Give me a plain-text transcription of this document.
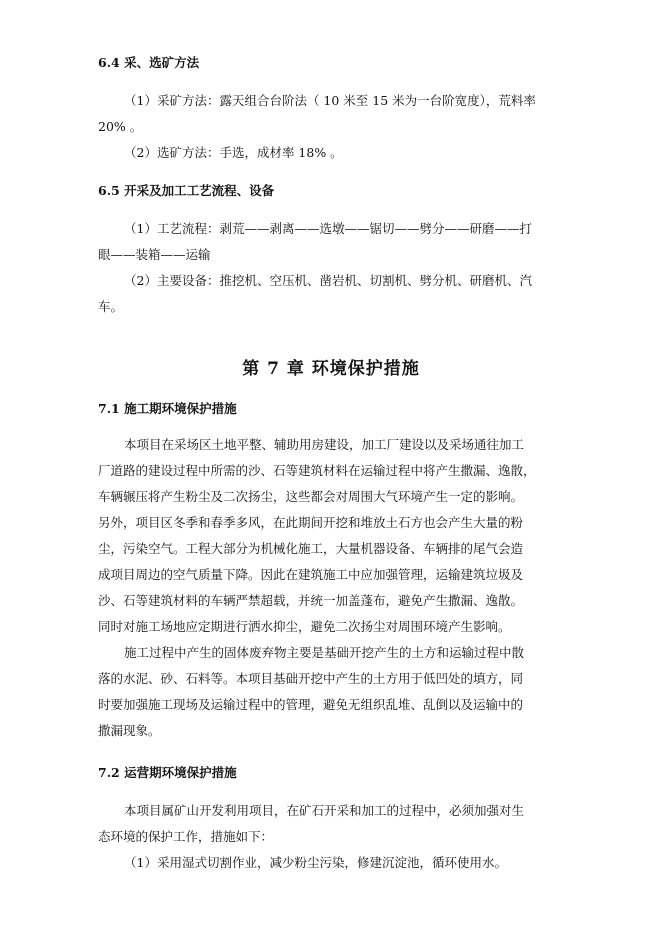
6.4 采、选矿方法
（1）采矿方法：露天组合台阶法（ 10 米至 15 米为一台阶宽度），荒料率
20% 。
（2）选矿方法：手选，成材率 18% 。
6.5 开采及加工工艺流程、设备
（1）工艺流程：剥荒——剥离——选墩——锯切——劈分——研磨——打
眼——装箱——运输
（2）主要设备：推挖机、空压机、凿岩机、切割机、劈分机、研磨机、汽
车。
第 7 章 环境保护措施
7.1 施工期环境保护措施
本项目在采场区土地平整、辅助用房建设，加工厂建设以及采场通往加工
厂道路的建设过程中所需的沙、石等建筑材料在运输过程中将产生撒漏、逸散，
车辆辗压将产生粉尘及二次扬尘，这些都会对周围大气环境产生一定的影响。
另外，项目区冬季和春季多风，在此期间开挖和堆放土石方也会产生大量的粉
尘，污染空气。工程大部分为机械化施工，大量机器设备、车辆排的尾气会造
成项目周边的空气质量下降。因此在建筑施工中应加强管理，运输建筑垃圾及
沙、石等建筑材料的车辆严禁超载，并统一加盖蓬布，避免产生撒漏、逸散。
同时对施工场地应定期进行洒水抑尘，避免二次扬尘对周围环境产生影响。
施工过程中产生的固体废弃物主要是基础开挖产生的土方和运输过程中散
落的水泥、砂、石料等。本项目基础开挖中产生的土方用于低凹处的填方，同
时要加强施工现场及运输过程中的管理，避免无组织乱堆、乱倒以及运输中的
撒漏现象。
7.2 运营期环境保护措施
本项目属矿山开发利用项目，在矿石开采和加工的过程中，必须加强对生
态环境的保护工作，措施如下：
（1）采用湿式切割作业，减少粉尘污染，修建沉淀池，循环使用水。
